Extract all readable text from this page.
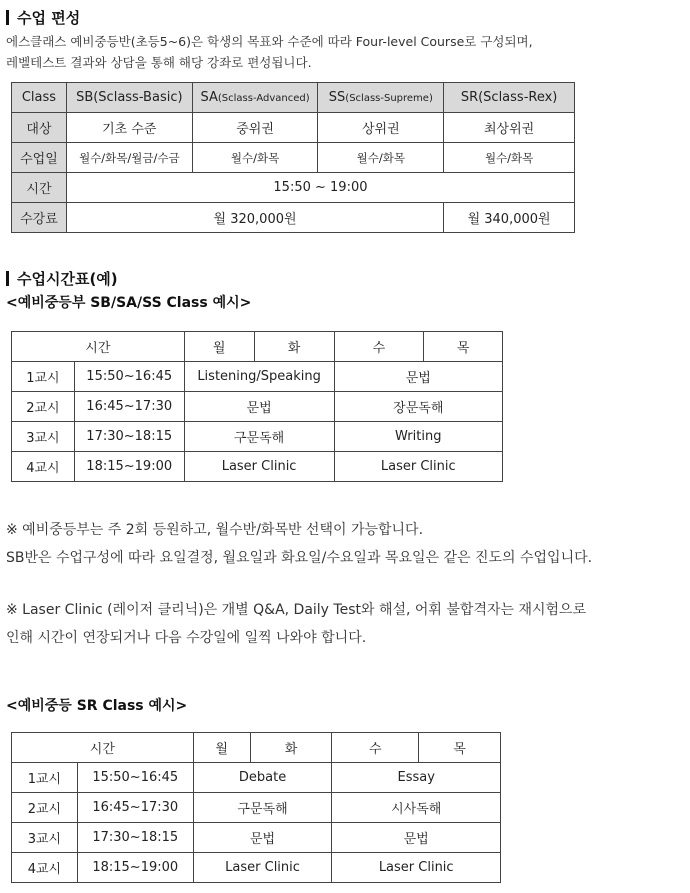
수업 편성
에스클래스 예비중등반(초등5~6)은 학생의 목표와 수준에 따라 Four-level Course로 구성되며,
레벨테스트 결과와 상담을 통해 해당 강좌로 편성됩니다.
Class	SB(Sclass-Basic)	SA(Sclass-Advanced)	SS(Sclass-Supreme)	SR(Sclass-Rex)
대상	기초 수준	중위권	상위권	최상위권
수업일	월수/화목/월금/수금	월수/화목	월수/화목	월수/화목
시간	15:50 ~ 19:00			
수강료	월 320,000원			월 340,000원
수업시간표(예)
<예비중등부 SB/SA/SS Class 예시>
시간		월	화	수	목
1교시	15:50~16:45	Listening/Speaking		문법	
2교시	16:45~17:30	문법		장문독해	
3교시	17:30~18:15	구문독해		Writing	
4교시	18:15~19:00	Laser Clinic		Laser Clinic	
※ 예비중등부는 주 2회 등원하고, 월수반/화목반 선택이 가능합니다.
SB반은 수업구성에 따라 요일결정, 월요일과 화요일/수요일과 목요일은 같은 진도의 수업입니다.
※ Laser Clinic (레이저 클리닉)은 개별 Q&A, Daily Test와 해설, 어휘 불합격자는 재시험으로
인해 시간이 연장되거나 다음 수강일에 일찍 나와야 합니다.
<예비중등 SR Class 예시>
시간		월	화	수	목
1교시	15:50~16:45	Debate		Essay	
2교시	16:45~17:30	구문독해		시사독해	
3교시	17:30~18:15	문법		문법	
4교시	18:15~19:00	Laser Clinic		Laser Clinic	
